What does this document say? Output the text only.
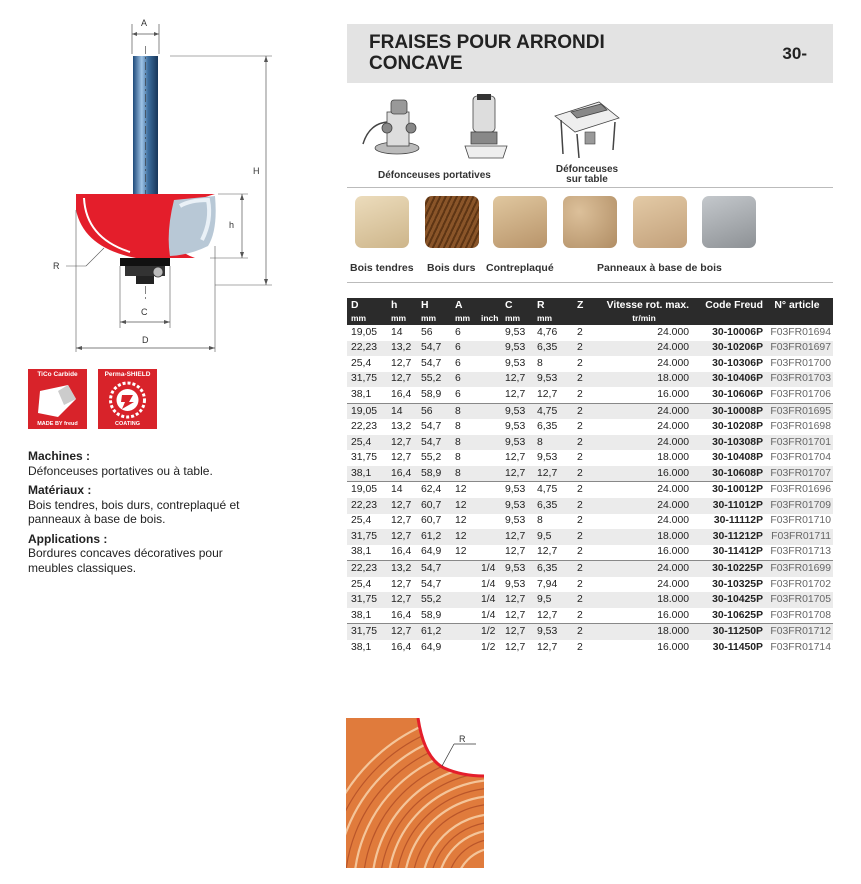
A
H
h
R
C
D
TiCo Carbide
MADE BY freud
Perma-SHIELD
COATING
Machines :
Défonceuses portatives ou à table.
Matériaux :
Bois tendres, bois durs, contreplaqué et panneaux à base de bois.
Applications :
Bordures concaves décoratives pour meubles classiques.
FRAISES POUR ARRONDI
CONCAVE	30-
Défonceuses portatives
Défonceuses
sur table
Bois tendres Bois durs Contreplaqué	Panneaux à base de bois
D	h	H	A		C	R	Z	Vitesse rot. max.	Code Freud	N° article
mm	mm	mm	mm	inch	mm	mm		tr/min		
19,05	14	56	6		9,53	4,76	2	24.000	30-10006P	F03FR01694
22,23	13,2	54,7	6		9,53	6,35	2	24.000	30-10206P	F03FR01697
25,4	12,7	54,7	6		9,53	8	2	24.000	30-10306P	F03FR01700
31,75	12,7	55,2	6		12,7	9,53	2	18.000	30-10406P	F03FR01703
38,1	16,4	58,9	6		12,7	12,7	2	16.000	30-10606P	F03FR01706
19,05	14	56	8		9,53	4,75	2	24.000	30-10008P	F03FR01695
22,23	13,2	54,7	8		9,53	6,35	2	24.000	30-10208P	F03FR01698
25,4	12,7	54,7	8		9,53	8	2	24.000	30-10308P	F03FR01701
31,75	12,7	55,2	8		12,7	9,53	2	18.000	30-10408P	F03FR01704
38,1	16,4	58,9	8		12,7	12,7	2	16.000	30-10608P	F03FR01707
19,05	14	62,4	12		9,53	4,75	2	24.000	30-10012P	F03FR01696
22,23	12,7	60,7	12		9,53	6,35	2	24.000	30-11012P	F03FR01709
25,4	12,7	60,7	12		9,53	8	2	24.000	30-11112P	F03FR01710
31,75	12,7	61,2	12		12,7	9,5	2	18.000	30-11212P	F03FR01711
38,1	16,4	64,9	12		12,7	12,7	2	16.000	30-11412P	F03FR01713
22,23	13,2	54,7		1/4	9,53	6,35	2	24.000	30-10225P	F03FR01699
25,4	12,7	54,7		1/4	9,53	7,94	2	24.000	30-10325P	F03FR01702
31,75	12,7	55,2		1/4	12,7	9,5	2	18.000	30-10425P	F03FR01705
38,1	16,4	58,9		1/4	12,7	12,7	2	16.000	30-10625P	F03FR01708
31,75	12,7	61,2		1/2	12,7	9,53	2	18.000	30-11250P	F03FR01712
38,1	16,4	64,9		1/2	12,7	12,7	2	16.000	30-11450P	F03FR01714
R
